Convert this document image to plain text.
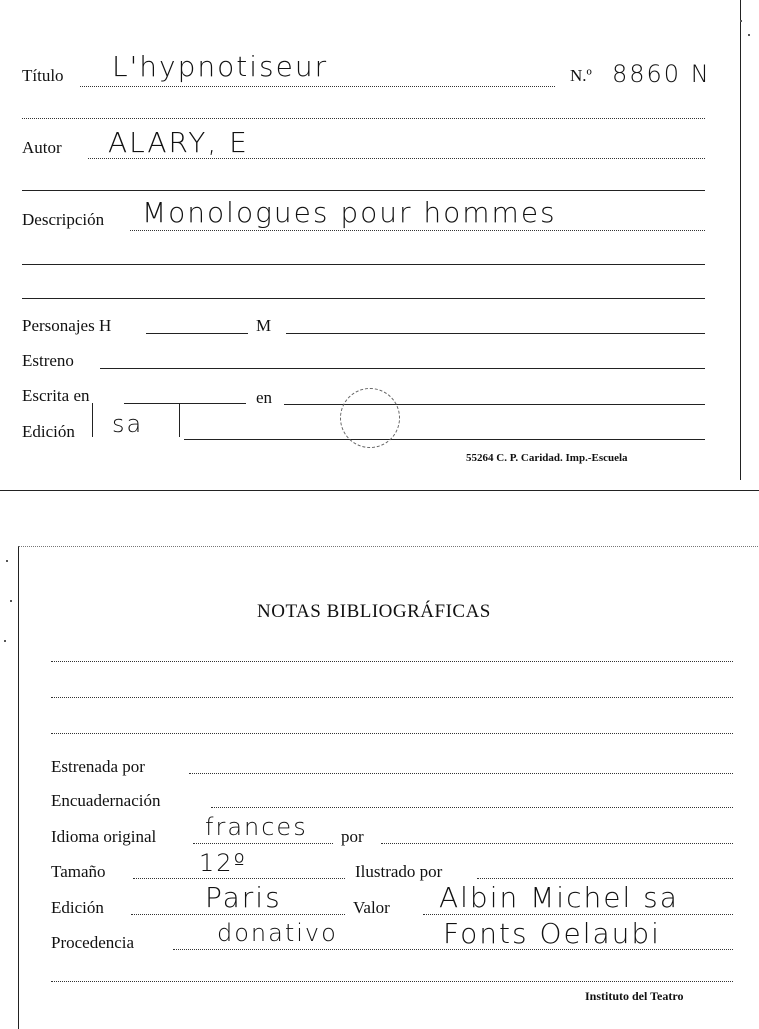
Título L'hypnotiseur	N.º 8860 N
Autor ALARY, E
Descripción Monologues pour hommes
Personajes H	M
Estreno
Escrita en	en
Edición sa
55264 C. P. Caridad. Imp.-Escuela
NOTAS BIBLIOGRÁFICAS
Estrenada por
Encuadernación
Idioma original frances por
Tamaño	12º	Ilustrado por
Edición	Paris	Valor Albin Michel sa
Procedencia	donativo	Fonts Oelaubi
Instituto del Teatro
